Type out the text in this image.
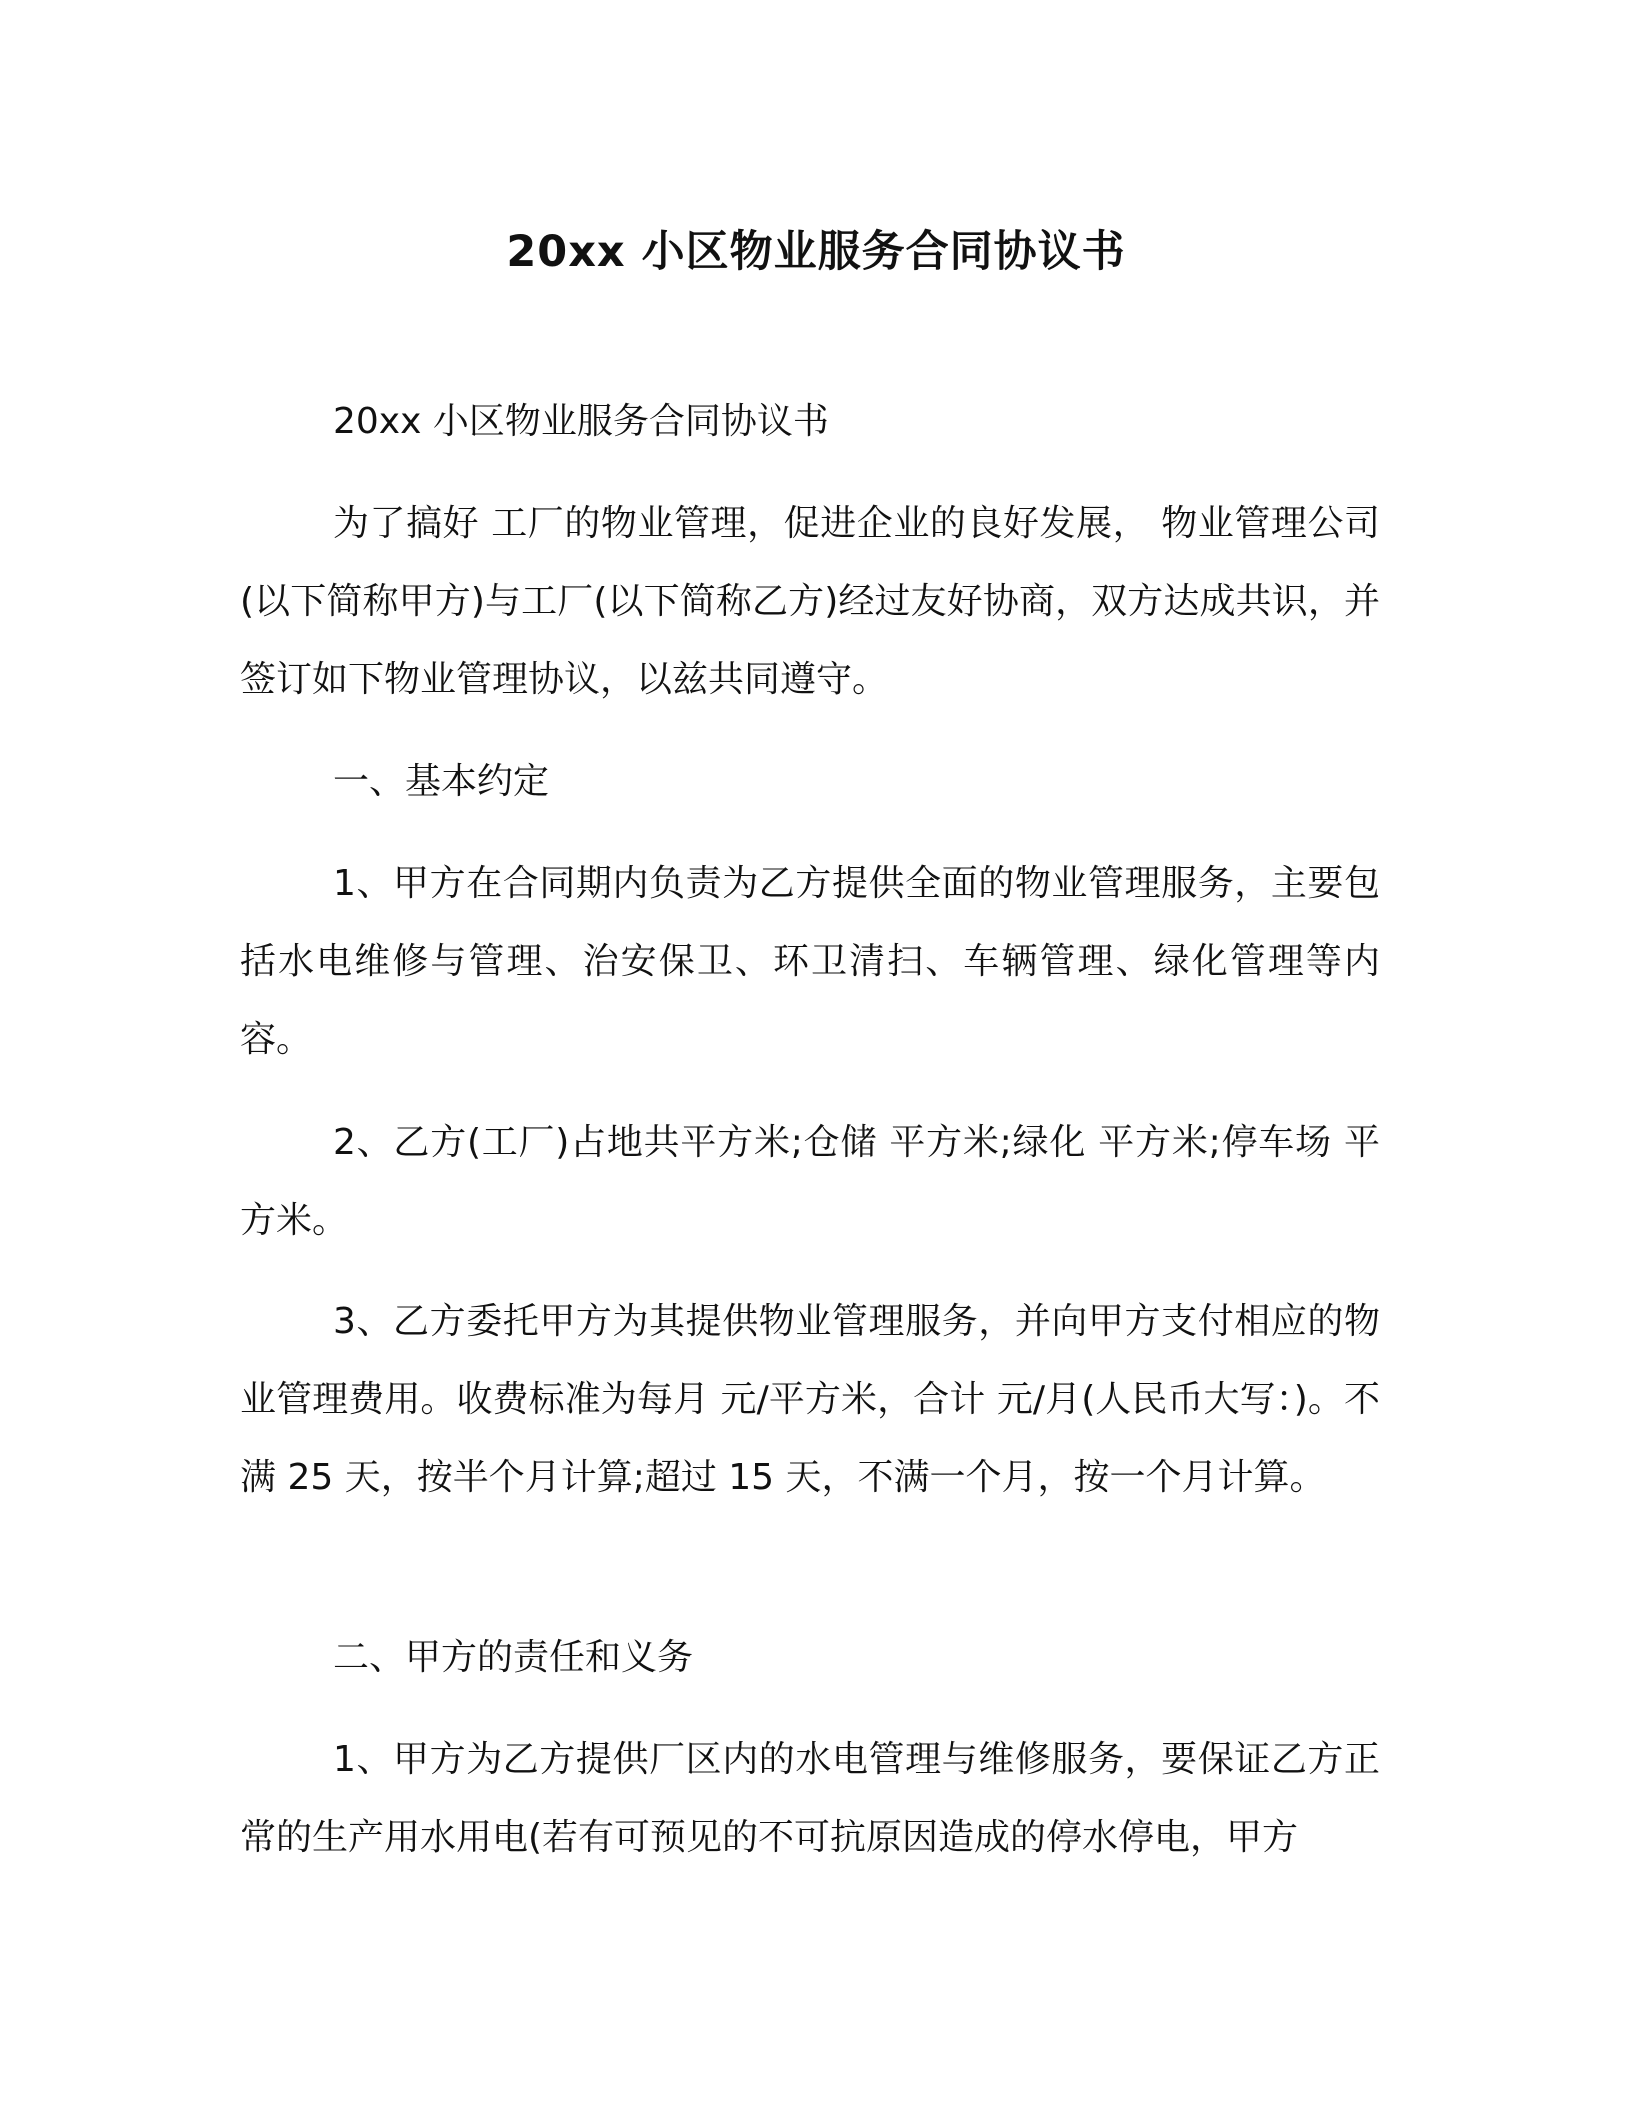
20xx 小区物业服务合同协议书

20xx 小区物业服务合同协议书

为了搞好 工厂的物业管理，促进企业的良好发展， 物业管理公司(以下简称甲方)与工厂(以下简称乙方)经过友好协商，双方达成共识，并签订如下物业管理协议，以兹共同遵守。

一、基本约定

1、甲方在合同期内负责为乙方提供全面的物业管理服务，主要包括水电维修与管理、治安保卫、环卫清扫、车辆管理、绿化管理等内容。

2、乙方(工厂)占地共平方米;仓储 平方米;绿化 平方米;停车场 平方米。

3、乙方委托甲方为其提供物业管理服务，并向甲方支付相应的物业管理费用。收费标准为每月 元/平方米，合计 元/月(人民币大写：)。不满 25 天，按半个月计算;超过 15 天，不满一个月，按一个月计算。

二、甲方的责任和义务

1、甲方为乙方提供厂区内的水电管理与维修服务，要保证乙方正常的生产用水用电(若有可预见的不可抗原因造成的停水停电，甲方
